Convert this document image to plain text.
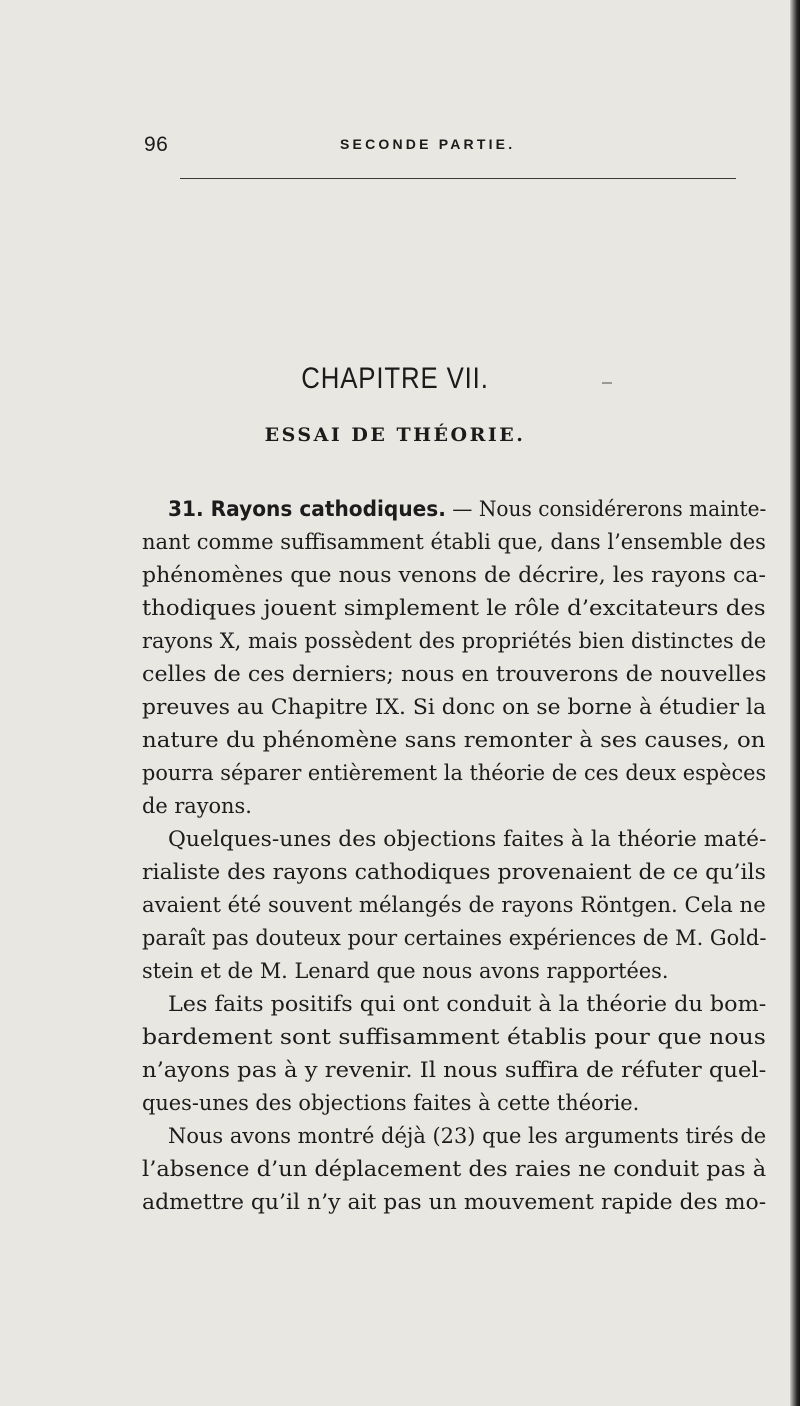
96	SECONDE PARTIE.
CHAPITRE VII.
ESSAI DE THÉORIE.
31. Rayons cathodiques. — Nous considérerons mainte-
nant comme suffisamment établi que, dans l’ensemble des
phénomènes que nous venons de décrire, les rayons ca-
thodiques jouent simplement le rôle d’excitateurs des
rayons X, mais possèdent des propriétés bien distinctes de
celles de ces derniers; nous en trouverons de nouvelles
preuves au Chapitre IX. Si donc on se borne à étudier la
nature du phénomène sans remonter à ses causes, on
pourra séparer entièrement la théorie de ces deux espèces
de rayons.
Quelques-unes des objections faites à la théorie maté-
rialiste des rayons cathodiques provenaient de ce qu’ils
avaient été souvent mélangés de rayons Röntgen. Cela ne
paraît pas douteux pour certaines expériences de M. Gold-
stein et de M. Lenard que nous avons rapportées.
Les faits positifs qui ont conduit à la théorie du bom-
bardement sont suffisamment établis pour que nous
n’ayons pas à y revenir. Il nous suffira de réfuter quel-
ques-unes des objections faites à cette théorie.
Nous avons montré déjà (23) que les arguments tirés de
l’absence d’un déplacement des raies ne conduit pas à
admettre qu’il n’y ait pas un mouvement rapide des mo-
